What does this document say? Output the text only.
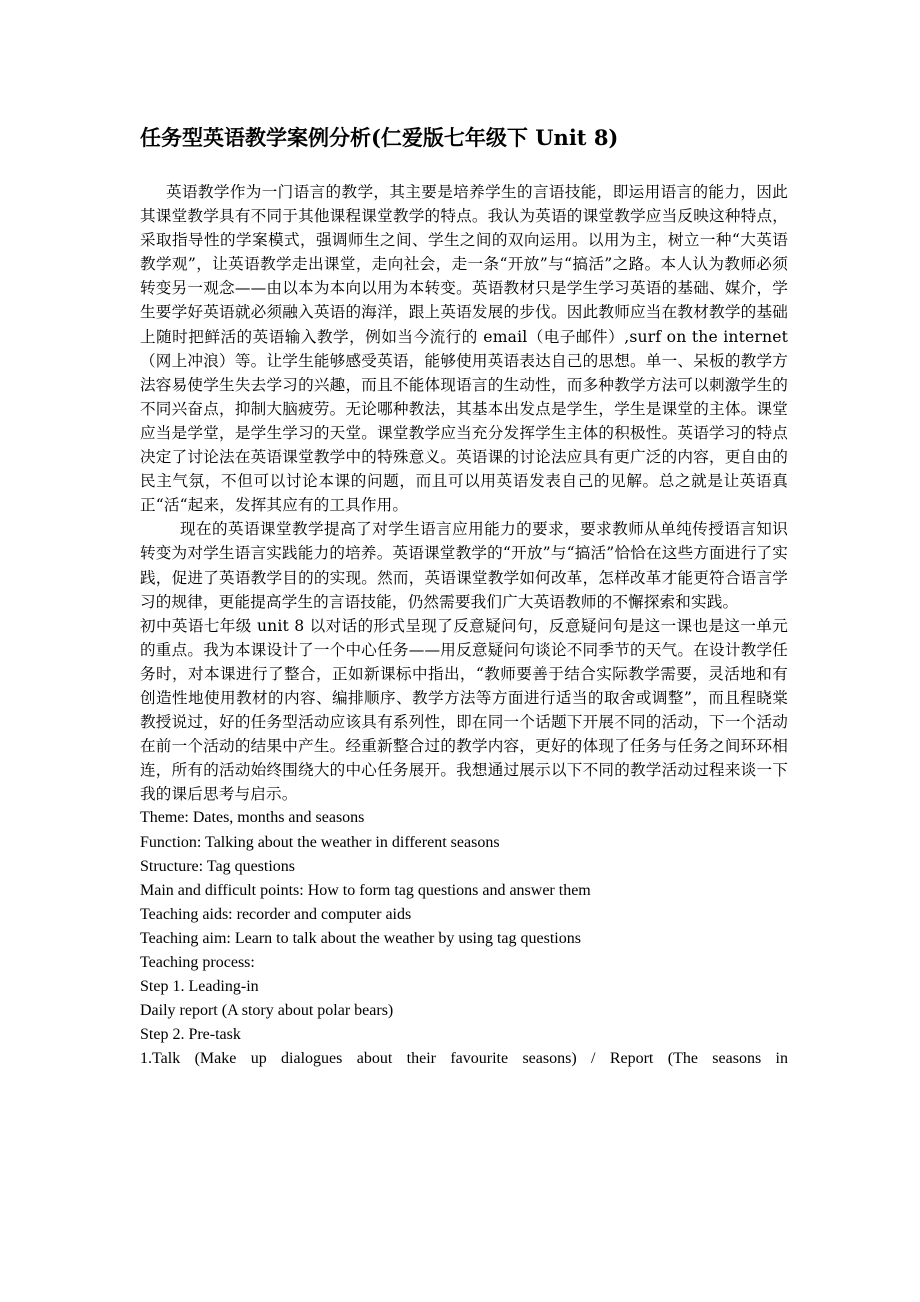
任务型英语教学案例分析(仁爱版七年级下 Unit 8)

英语教学作为一门语言的教学，其主要是培养学生的言语技能，即运用语言的能力，因此其课堂教学具有不同于其他课程课堂教学的特点。我认为英语的课堂教学应当反映这种特点，采取指导性的学案模式，强调师生之间、学生之间的双向运用。以用为主，树立一种“大英语教学观”，让英语教学走出课堂，走向社会，走一条“开放”与“搞活”之路。本人认为教师必须转变另一观念——由以本为本向以用为本转变。英语教材只是学生学习英语的基础、媒介，学生要学好英语就必须融入英语的海洋，跟上英语发展的步伐。因此教师应当在教材教学的基础上随时把鲜活的英语输入教学，例如当今流行的 email（电子邮件）,surf on the internet（网上冲浪）等。让学生能够感受英语，能够使用英语表达自己的思想。单一、呆板的教学方法容易使学生失去学习的兴趣，而且不能体现语言的生动性，而多种教学方法可以刺激学生的不同兴奋点，抑制大脑疲劳。无论哪种教法，其基本出发点是学生，学生是课堂的主体。课堂应当是学堂，是学生学习的天堂。课堂教学应当充分发挥学生主体的积极性。英语学习的特点决定了讨论法在英语课堂教学中的特殊意义。英语课的讨论法应具有更广泛的内容，更自由的民主气氛，不但可以讨论本课的问题，而且可以用英语发表自己的见解。总之就是让英语真正“活“起来，发挥其应有的工具作用。

现在的英语课堂教学提高了对学生语言应用能力的要求，要求教师从单纯传授语言知识转变为对学生语言实践能力的培养。英语课堂教学的“开放”与“搞活”恰恰在这些方面进行了实践，促进了英语教学目的的实现。然而，英语课堂教学如何改革，怎样改革才能更符合语言学习的规律，更能提高学生的言语技能，仍然需要我们广大英语教师的不懈探索和实践。

初中英语七年级 unit 8 以对话的形式呈现了反意疑问句，反意疑问句是这一课也是这一单元的重点。我为本课设计了一个中心任务——用反意疑问句谈论不同季节的天气。在设计教学任务时，对本课进行了整合，正如新课标中指出，“教师要善于结合实际教学需要，灵活地和有创造性地使用教材的内容、编排顺序、教学方法等方面进行适当的取舍或调整”，而且程晓棠教授说过，好的任务型活动应该具有系列性，即在同一个话题下开展不同的活动，下一个活动在前一个活动的结果中产生。经重新整合过的教学内容，更好的体现了任务与任务之间环环相连，所有的活动始终围绕大的中心任务展开。我想通过展示以下不同的教学活动过程来谈一下我的课后思考与启示。

Theme: Dates, months and seasons

Function: Talking about the weather in different seasons

Structure: Tag questions

Main and difficult points: How to form tag questions and answer them

Teaching aids: recorder and computer aids

Teaching aim: Learn to talk about the weather by using tag questions

Teaching process:

Step 1. Leading-in

Daily report (A story about polar bears)

Step 2. Pre-task

1.Talk (Make up dialogues about their favourite seasons) / Report (The seasons in
